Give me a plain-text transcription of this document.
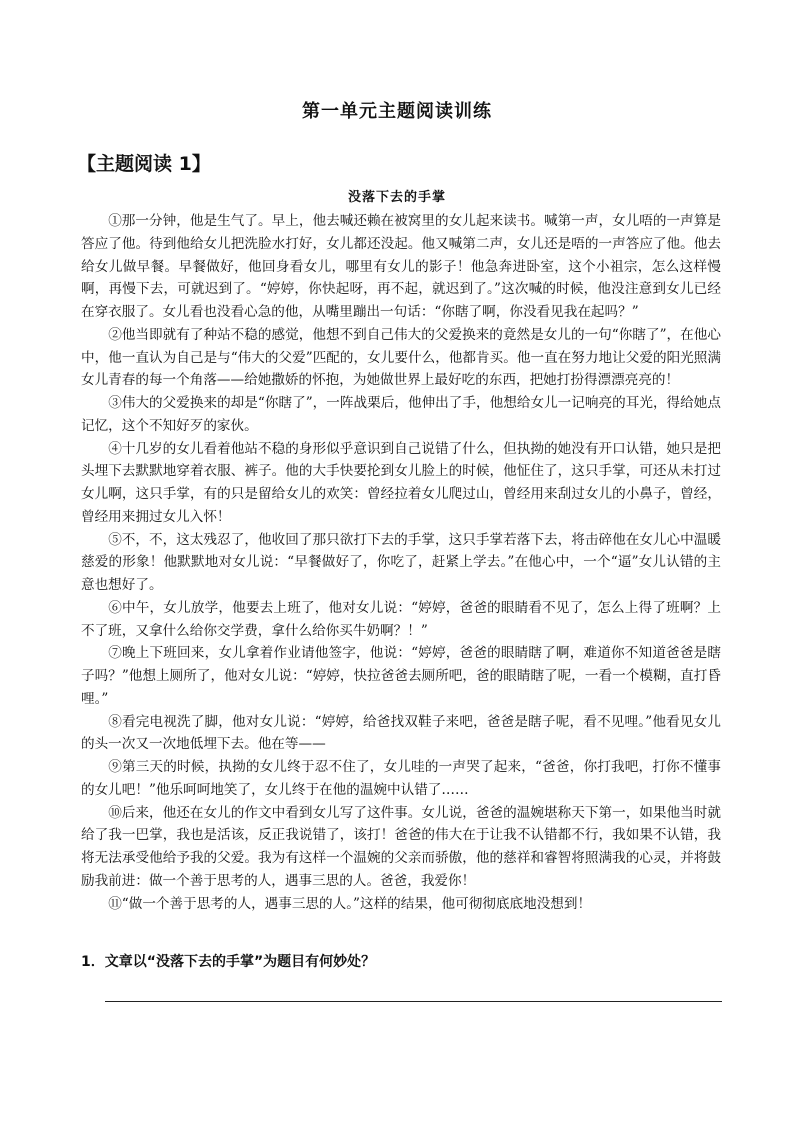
第一单元主题阅读训练
【主题阅读 1】
没落下去的手掌

①那一分钟，他是生气了。早上，他去喊还赖在被窝里的女儿起来读书。喊第一声，女儿唔的一声算是答应了他。待到他给女儿把洗脸水打好，女儿都还没起。他又喊第二声，女儿还是唔的一声答应了他。他去给女儿做早餐。早餐做好，他回身看女儿，哪里有女儿的影子！他急奔进卧室，这个小祖宗，怎么这样慢啊，再慢下去，可就迟到了。“婷婷，你快起呀，再不起，就迟到了。”这次喊的时候，他没注意到女儿已经在穿衣服了。女儿看也没看心急的他，从嘴里蹦出一句话：“你瞎了啊，你没看见我在起吗？”

②他当即就有了种站不稳的感觉，他想不到自己伟大的父爱换来的竟然是女儿的一句“你瞎了”，在他心中，他一直认为自己是与“伟大的父爱”匹配的，女儿要什么，他都肯买。他一直在努力地让父爱的阳光照满女儿青春的每一个角落——给她撒娇的怀抱，为她做世界上最好吃的东西，把她打扮得漂漂亮亮的！

③伟大的父爱换来的却是“你瞎了”，一阵战栗后，他伸出了手，他想给女儿一记响亮的耳光，得给她点记忆，这个不知好歹的家伙。

④十几岁的女儿看着他站不稳的身形似乎意识到自己说错了什么，但执拗的她没有开口认错，她只是把头埋下去默默地穿着衣服、裤子。他的大手快要抡到女儿脸上的时候，他怔住了，这只手掌，可还从未打过女儿啊，这只手掌，有的只是留给女儿的欢笑：曾经拉着女儿爬过山，曾经用来刮过女儿的小鼻子，曾经，曾经用来拥过女儿入怀！

⑤不，不，这太残忍了，他收回了那只欲打下去的手掌，这只手掌若落下去，将击碎他在女儿心中温暖慈爱的形象！他默默地对女儿说：“早餐做好了，你吃了，赶紧上学去。”在他心中，一个“逼”女儿认错的主意也想好了。

⑥中午，女儿放学，他要去上班了，他对女儿说：“婷婷，爸爸的眼睛看不见了，怎么上得了班啊？上不了班，又拿什么给你交学费，拿什么给你买牛奶啊？！”

⑦晚上下班回来，女儿拿着作业请他签字，他说：“婷婷，爸爸的眼睛瞎了啊，难道你不知道爸爸是瞎子吗？”他想上厕所了，他对女儿说：“婷婷，快拉爸爸去厕所吧，爸的眼睛瞎了呢，一看一个模糊，直打昏哩。”

⑧看完电视洗了脚，他对女儿说：“婷婷，给爸找双鞋子来吧，爸爸是瞎子呢，看不见哩。”他看见女儿的头一次又一次地低埋下去。他在等——

⑨第三天的时候，执拗的女儿终于忍不住了，女儿哇的一声哭了起来，“爸爸，你打我吧，打你不懂事的女儿吧！”他乐呵呵地笑了，女儿终于在他的温婉中认错了……

⑩后来，他还在女儿的作文中看到女儿写了这件事。女儿说，爸爸的温婉堪称天下第一，如果他当时就给了我一巴掌，我也是活该，反正我说错了，该打！爸爸的伟大在于让我不认错都不行，我如果不认错，我将无法承受他给予我的父爱。我为有这样一个温婉的父亲而骄傲，他的慈祥和睿智将照满我的心灵，并将鼓励我前进：做一个善于思考的人，遇事三思的人。爸爸，我爱你！

⑪“做一个善于思考的人，遇事三思的人。”这样的结果，他可彻彻底底地没想到！

1．文章以“没落下去的手掌”为题目有何妙处？
